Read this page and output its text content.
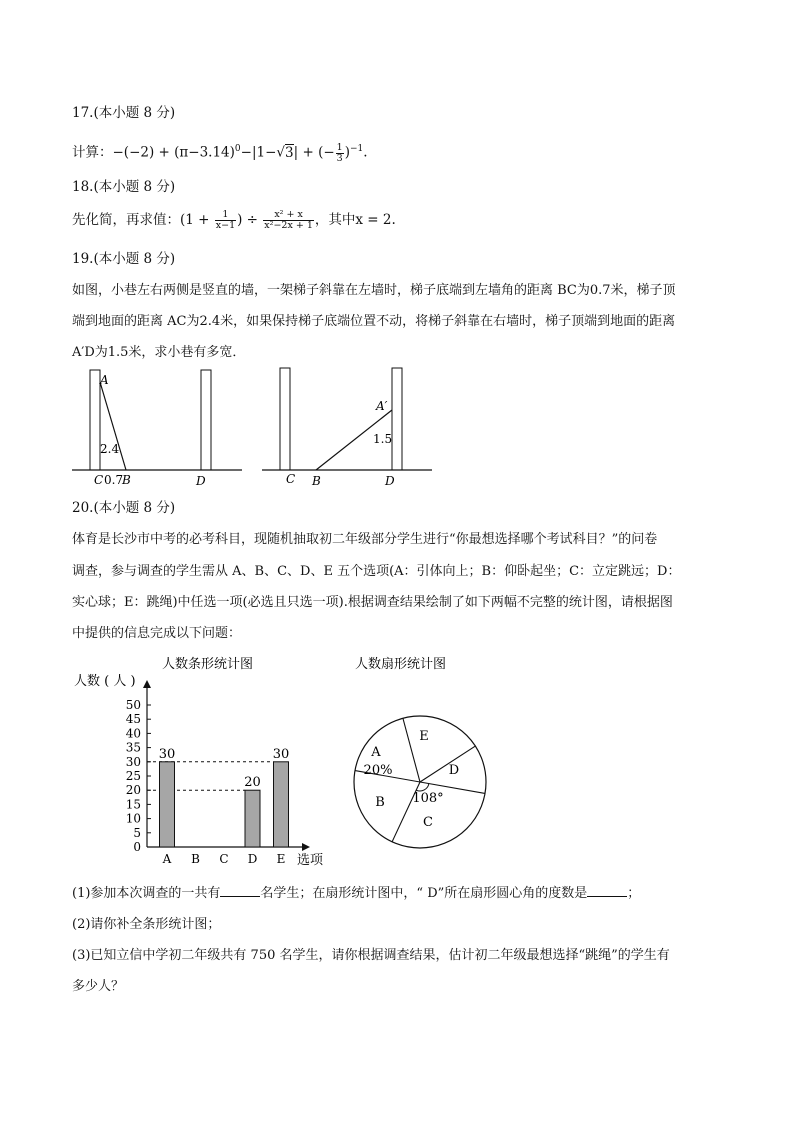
17.(本小题 8 分)
计算：$-(-2) + (\pi-3.14)^0-|1-√3|$ + (− $\frac{1}{3} )^{-1}$.
18.(本小题 8 分)
先化简，再求值：($1 + \frac{1}{x-1}$ ) ÷ $\frac{\text{x² + x}}{\text{x²−2x + 1}}$ ，其中x = 2.
19.(本小题 8 分)
如图，小巷左右两侧是竖直的墙，一架梯子斜靠在左墙时，梯子底端到左墙角的距离 BC为0.7米，梯子顶
端到地面的距离 AC为2.4米，如果保持梯子底端位置不动，将梯子斜靠在右墙时，梯子顶端到地面的距离
A′D为1.5米，求小巷有多宽．
A
2.4
C 0.7
B	D
A′
1.5
C B	D
20.(本小题 8 分)
体育是长沙市中考的必考科目，现随机抽取初二年级部分学生进行“你最想选择哪个考试科目？”的问卷
调查，参与调查的学生需从 A、B、C、D、E 五个选项(A：引体向上；B：仰卧起坐；C：立定跳远；D：
实心球；E：跳绳)中任选一项(必选且只选一项).根据调查结果绘制了如下两幅不完整的统计图，请根据图
中提供的信息完成以下问题：
人数条形统计图
人数 ( 人 )
选项
0
5
10
15
20
25
30
35
40
45
50
A B C D E
30
20
30
人数扇形统计图
A
20%
E
D
108°
C
B
(1)参加本次调查的一共有	名学生；在扇形统计图中，“ D”所在扇形圆心角的度数是	；
(2)请你补全条形统计图；
(3)已知立信中学初二年级共有 750 名学生，请你根据调查结果，估计初二年级最想选择“跳绳”的学生有
多少人？
